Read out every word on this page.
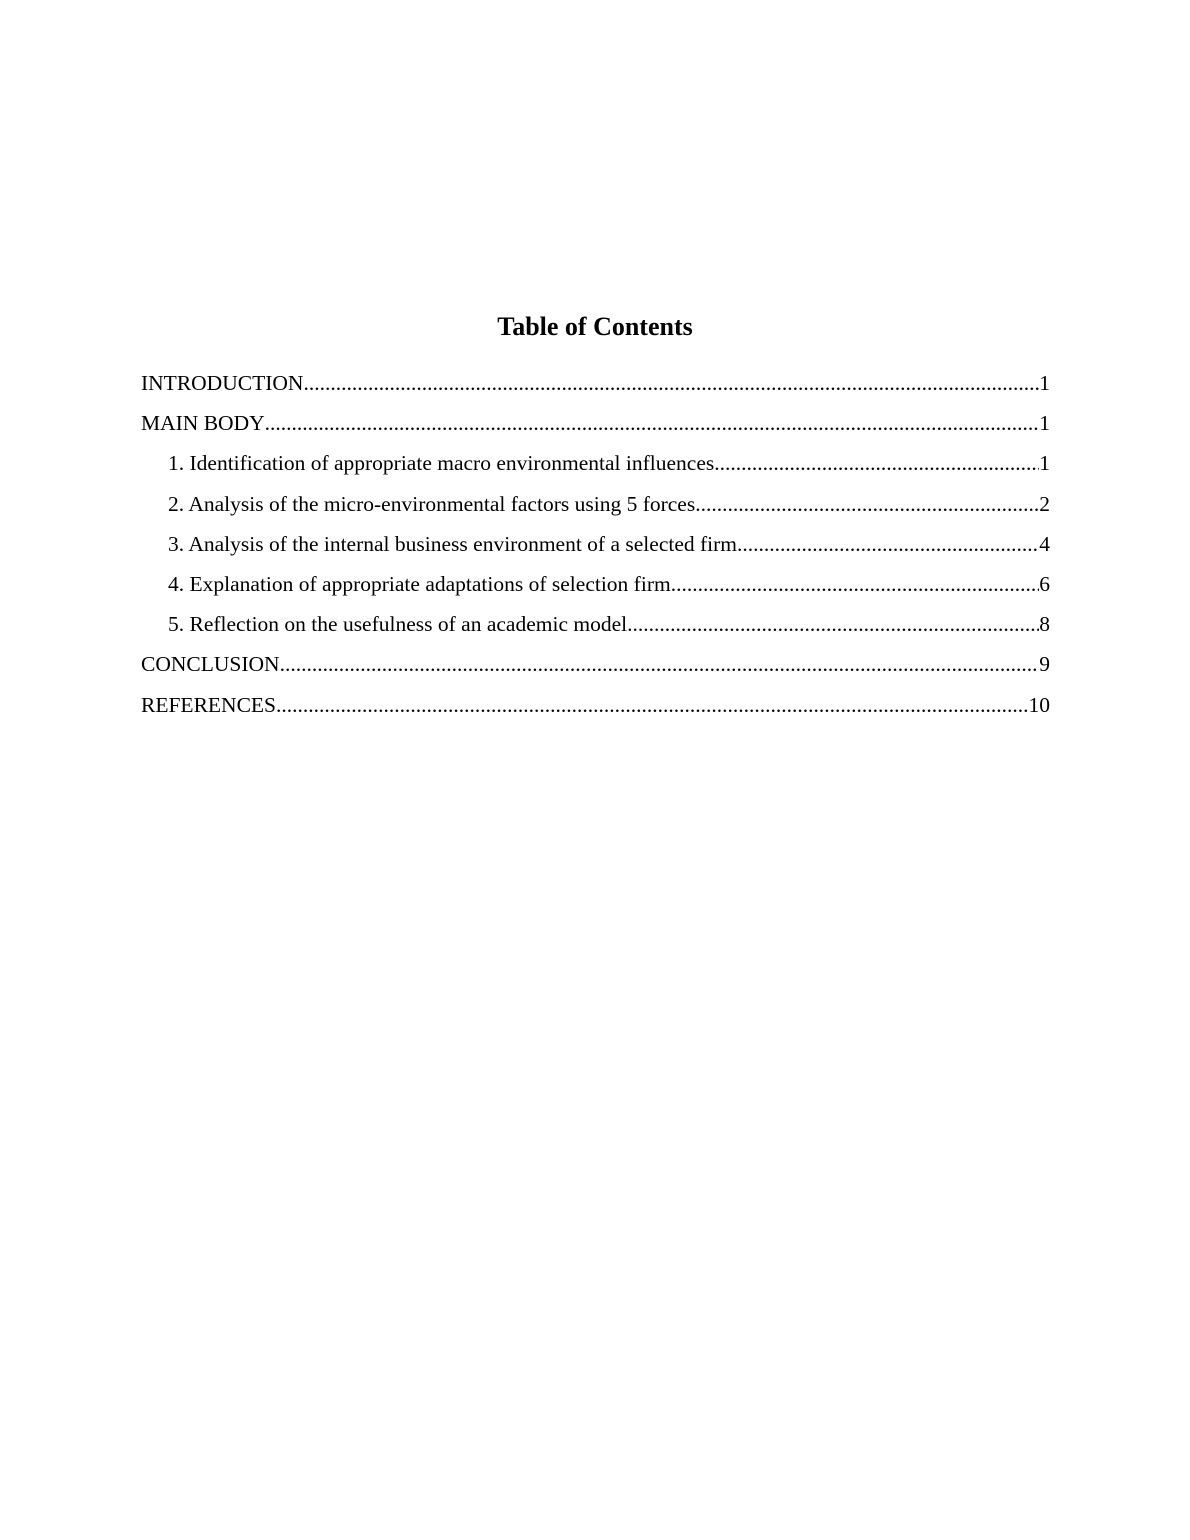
Table of Contents
INTRODUCTION .....	1
MAIN BODY .....	1
1. Identification of appropriate macro environmental influences .....	1
2. Analysis of the micro-environmental factors using 5 forces .....	2
3. Analysis of the internal business environment of a selected firm .....	4
4. Explanation of appropriate adaptations of selection firm .....	6
5. Reflection on the usefulness of an academic model .....	8
CONCLUSION .....	9
REFERENCES .....	10
